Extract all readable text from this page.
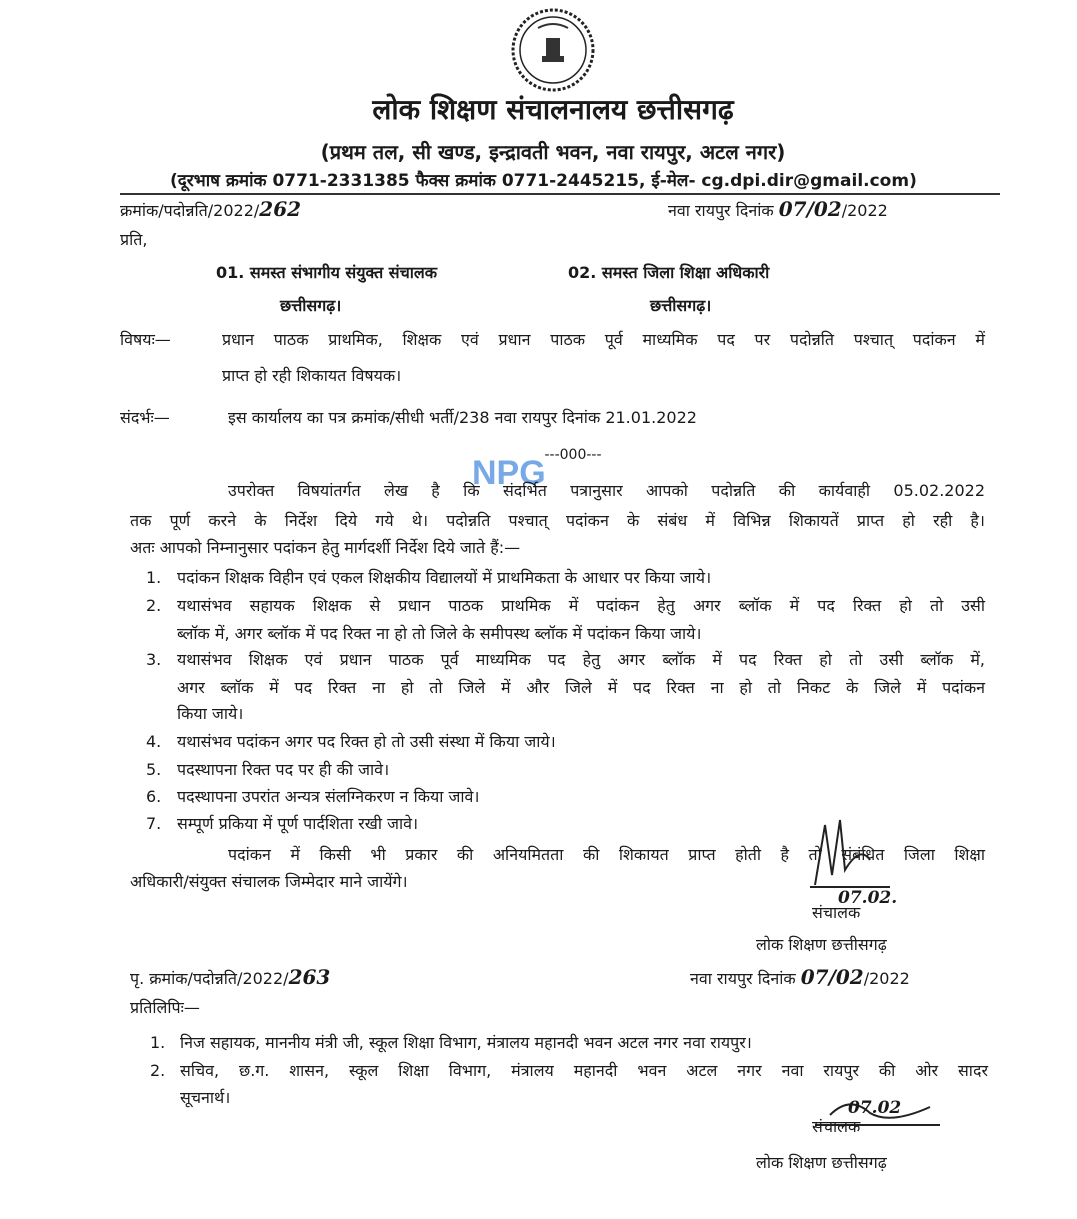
लोक शिक्षण संचालनालय छत्तीसगढ़
(प्रथम तल, सी खण्ड, इन्द्रावती भवन, नवा रायपुर, अटल नगर)
(दूरभाष क्रमांक 0771-2331385 फैक्स क्रमांक 0771-2445215, ई-मेल- cg.dpi.dir@gmail.com)
क्रमांक/पदोन्नति/2022/262	नवा रायपुर दिनांक 07/02/2022
प्रति,
01. समस्त संभागीय संयुक्त संचालक
छत्तीसगढ़।
02. समस्त जिला शिक्षा अधिकारी
छत्तीसगढ़।
विषयः—	प्रधान पाठक प्राथमिक, शिक्षक एवं प्रधान पाठक पूर्व माध्यमिक पद पर पदोन्नति पश्चात् पदांकन में
प्राप्त हो रही शिकायत विषयक।
संदर्भः—	इस कार्यालय का पत्र क्रमांक/सीधी भर्ती/238 नवा रायपुर दिनांक 21.01.2022
---000---
NPG
उपरोक्त विषयांतर्गत लेख है कि संदर्भित पत्रानुसार आपको पदोन्नति की कार्यवाही 05.02.2022
तक पूर्ण करने के निर्देश दिये गये थे। पदोन्नति पश्चात् पदांकन के संबंध में विभिन्न शिकायतें प्राप्त हो रही है।
अतः आपको निम्नानुसार पदांकन हेतु मार्गदर्शी निर्देश दिये जाते हैं:—
1. पदांकन शिक्षक विहीन एवं एकल शिक्षकीय विद्यालयों में प्राथमिकता के आधार पर किया जाये।
2. यथासंभव सहायक शिक्षक से प्रधान पाठक प्राथमिक में पदांकन हेतु अगर ब्लॉक में पद रिक्त हो तो उसी
ब्लॉक में, अगर ब्लॉक में पद रिक्त ना हो तो जिले के समीपस्थ ब्लॉक में पदांकन किया जाये।
3. यथासंभव शिक्षक एवं प्रधान पाठक पूर्व माध्यमिक पद हेतु अगर ब्लॉक में पद रिक्त हो तो उसी ब्लॉक में,
अगर ब्लॉक में पद रिक्त ना हो तो जिले में और जिले में पद रिक्त ना हो तो निकट के जिले में पदांकन
किया जाये।
4. यथासंभव पदांकन अगर पद रिक्त हो तो उसी संस्था में किया जाये।
5. पदस्थापना रिक्त पद पर ही की जावे।
6. पदस्थापना उपरांत अन्यत्र संलग्निकरण न किया जावे।
7. सम्पूर्ण प्रकिया में पूर्ण पार्दशिता रखी जावे।
पदांकन में किसी भी प्रकार की अनियमितता की शिकायत प्राप्त होती है तो संबंधित जिला शिक्षा
अधिकारी/संयुक्त संचालक जिम्मेदार माने जायेंगे।
07.02.
संचालक
लोक शिक्षण छत्तीसगढ़
पृ. क्रमांक/पदोन्नति/2022/263	नवा रायपुर दिनांक 07/02/2022
प्रतिलिपिः—
1. निज सहायक, माननीय मंत्री जी, स्कूल शिक्षा विभाग, मंत्रालय महानदी भवन अटल नगर नवा रायपुर।
2. सचिव, छ.ग. शासन, स्कूल शिक्षा विभाग, मंत्रालय महानदी भवन अटल नगर नवा रायपुर की ओर सादर
सूचनार्थ।
07.02
संचालक
लोक शिक्षण छत्तीसगढ़
